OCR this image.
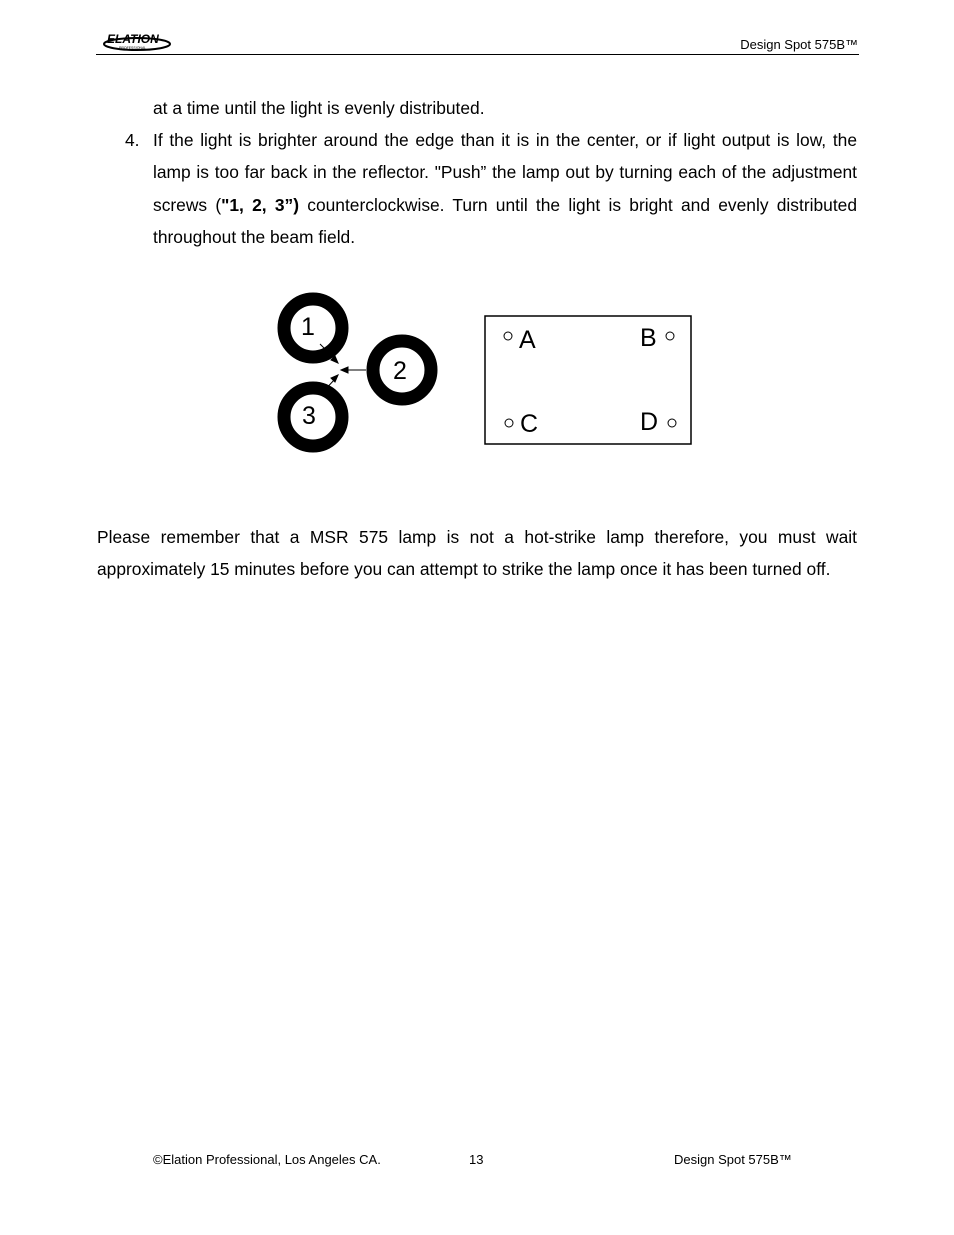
ELATION
PROFESSIONAL	Design Spot 575B™
at a time until the light is evenly distributed.
4. If the light is brighter around the edge than it is in the center, or if light output is low, the lamp is too far back in the reflector. "Push” the lamp out by turning each of the adjustment screws ("1, 2, 3”) counterclockwise. Turn until the light is bright and evenly distributed throughout the beam field.
1
2
3
A	B
C	D
Please remember that a MSR 575 lamp is not a hot-strike lamp therefore, you must wait approximately 15 minutes before you can attempt to strike the lamp once it has been turned off.
©Elation Professional, Los Angeles CA.	13	Design Spot 575B™
